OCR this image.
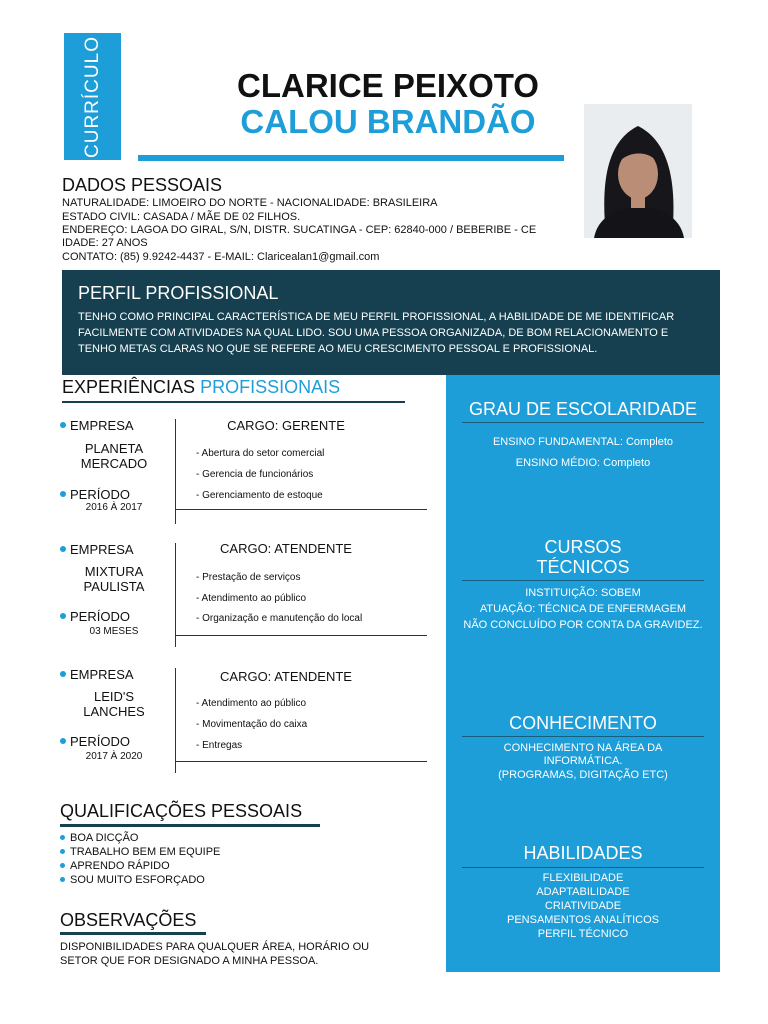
CURRÍCULO	CLARICE PEIXOTO
CALOU BRANDÃO
DADOS PESSOAIS
NATURALIDADE: LIMOEIRO DO NORTE - NACIONALIDADE: BRASILEIRA
ESTADO CIVIL: CASADA / MÃE DE 02 FILHOS.
ENDEREÇO: LAGOA DO GIRAL, S/N, DISTR. SUCATINGA - CEP: 62840-000 / BEBERIBE - CE
IDADE: 27 ANOS
CONTATO: (85) 9.9242-4437 - E-MAIL: Claricealan1@gmail.com
PERFIL PROFISSIONAL

TENHO COMO PRINCIPAL CARACTERÍSTICA DE MEU PERFIL PROFISSIONAL, A HABILIDADE DE ME IDENTIFICAR FACILMENTE COM ATIVIDADES NA QUAL LIDO. SOU UMA PESSOA ORGANIZADA, DE BOM RELACIONAMENTO E TENHO METAS CLARAS NO QUE SE REFERE AO MEU CRESCIMENTO PESSOAL E PROFISSIONAL.

GRAU DE ESCOLARIDADE
ENSINO FUNDAMENTAL: Completo
ENSINO MÉDIO: Completo
CURSOS
TÉCNICOS
INSTITUIÇÃO: SOBEM
ATUAÇÃO: TÉCNICA DE ENFERMAGEM
NÃO CONCLUÍDO POR CONTA DA GRAVIDEZ.
CONHECIMENTO
CONHECIMENTO NA ÁREA DA
INFORMÁTICA.
(PROGRAMAS, DIGITAÇÃO ETC)
HABILIDADES
FLEXIBILIDADE
ADAPTABILIDADE
CRIATIVIDADE
PENSAMENTOS ANALÍTICOS
PERFIL TÉCNICO
EXPERIÊNCIAS PROFISSIONAIS
EMPRESA
PLANETA
MERCADO
PERÍODO
2016 À 2017
CARGO: GERENTE
- Abertura do setor comercial
- Gerencia de funcionários
- Gerenciamento de estoque
EMPRESA
MIXTURA
PAULISTA
PERÍODO
03 MESES
CARGO: ATENDENTE
- Prestação de serviços
- Atendimento ao público
- Organização e manutenção do local
EMPRESA
LEID'S
LANCHES
PERÍODO
2017 À 2020
CARGO: ATENDENTE
- Atendimento ao público
- Movimentação do caixa
- Entregas
QUALIFICAÇÕES PESSOAIS
BOA DICÇÃO
TRABALHO BEM EM EQUIPE
APRENDO RÁPIDO
SOU MUITO ESFORÇADO
OBSERVAÇÕES
DISPONIBILIDADES PARA QUALQUER ÁREA, HORÁRIO OU SETOR QUE FOR DESIGNADO A MINHA PESSOA.
